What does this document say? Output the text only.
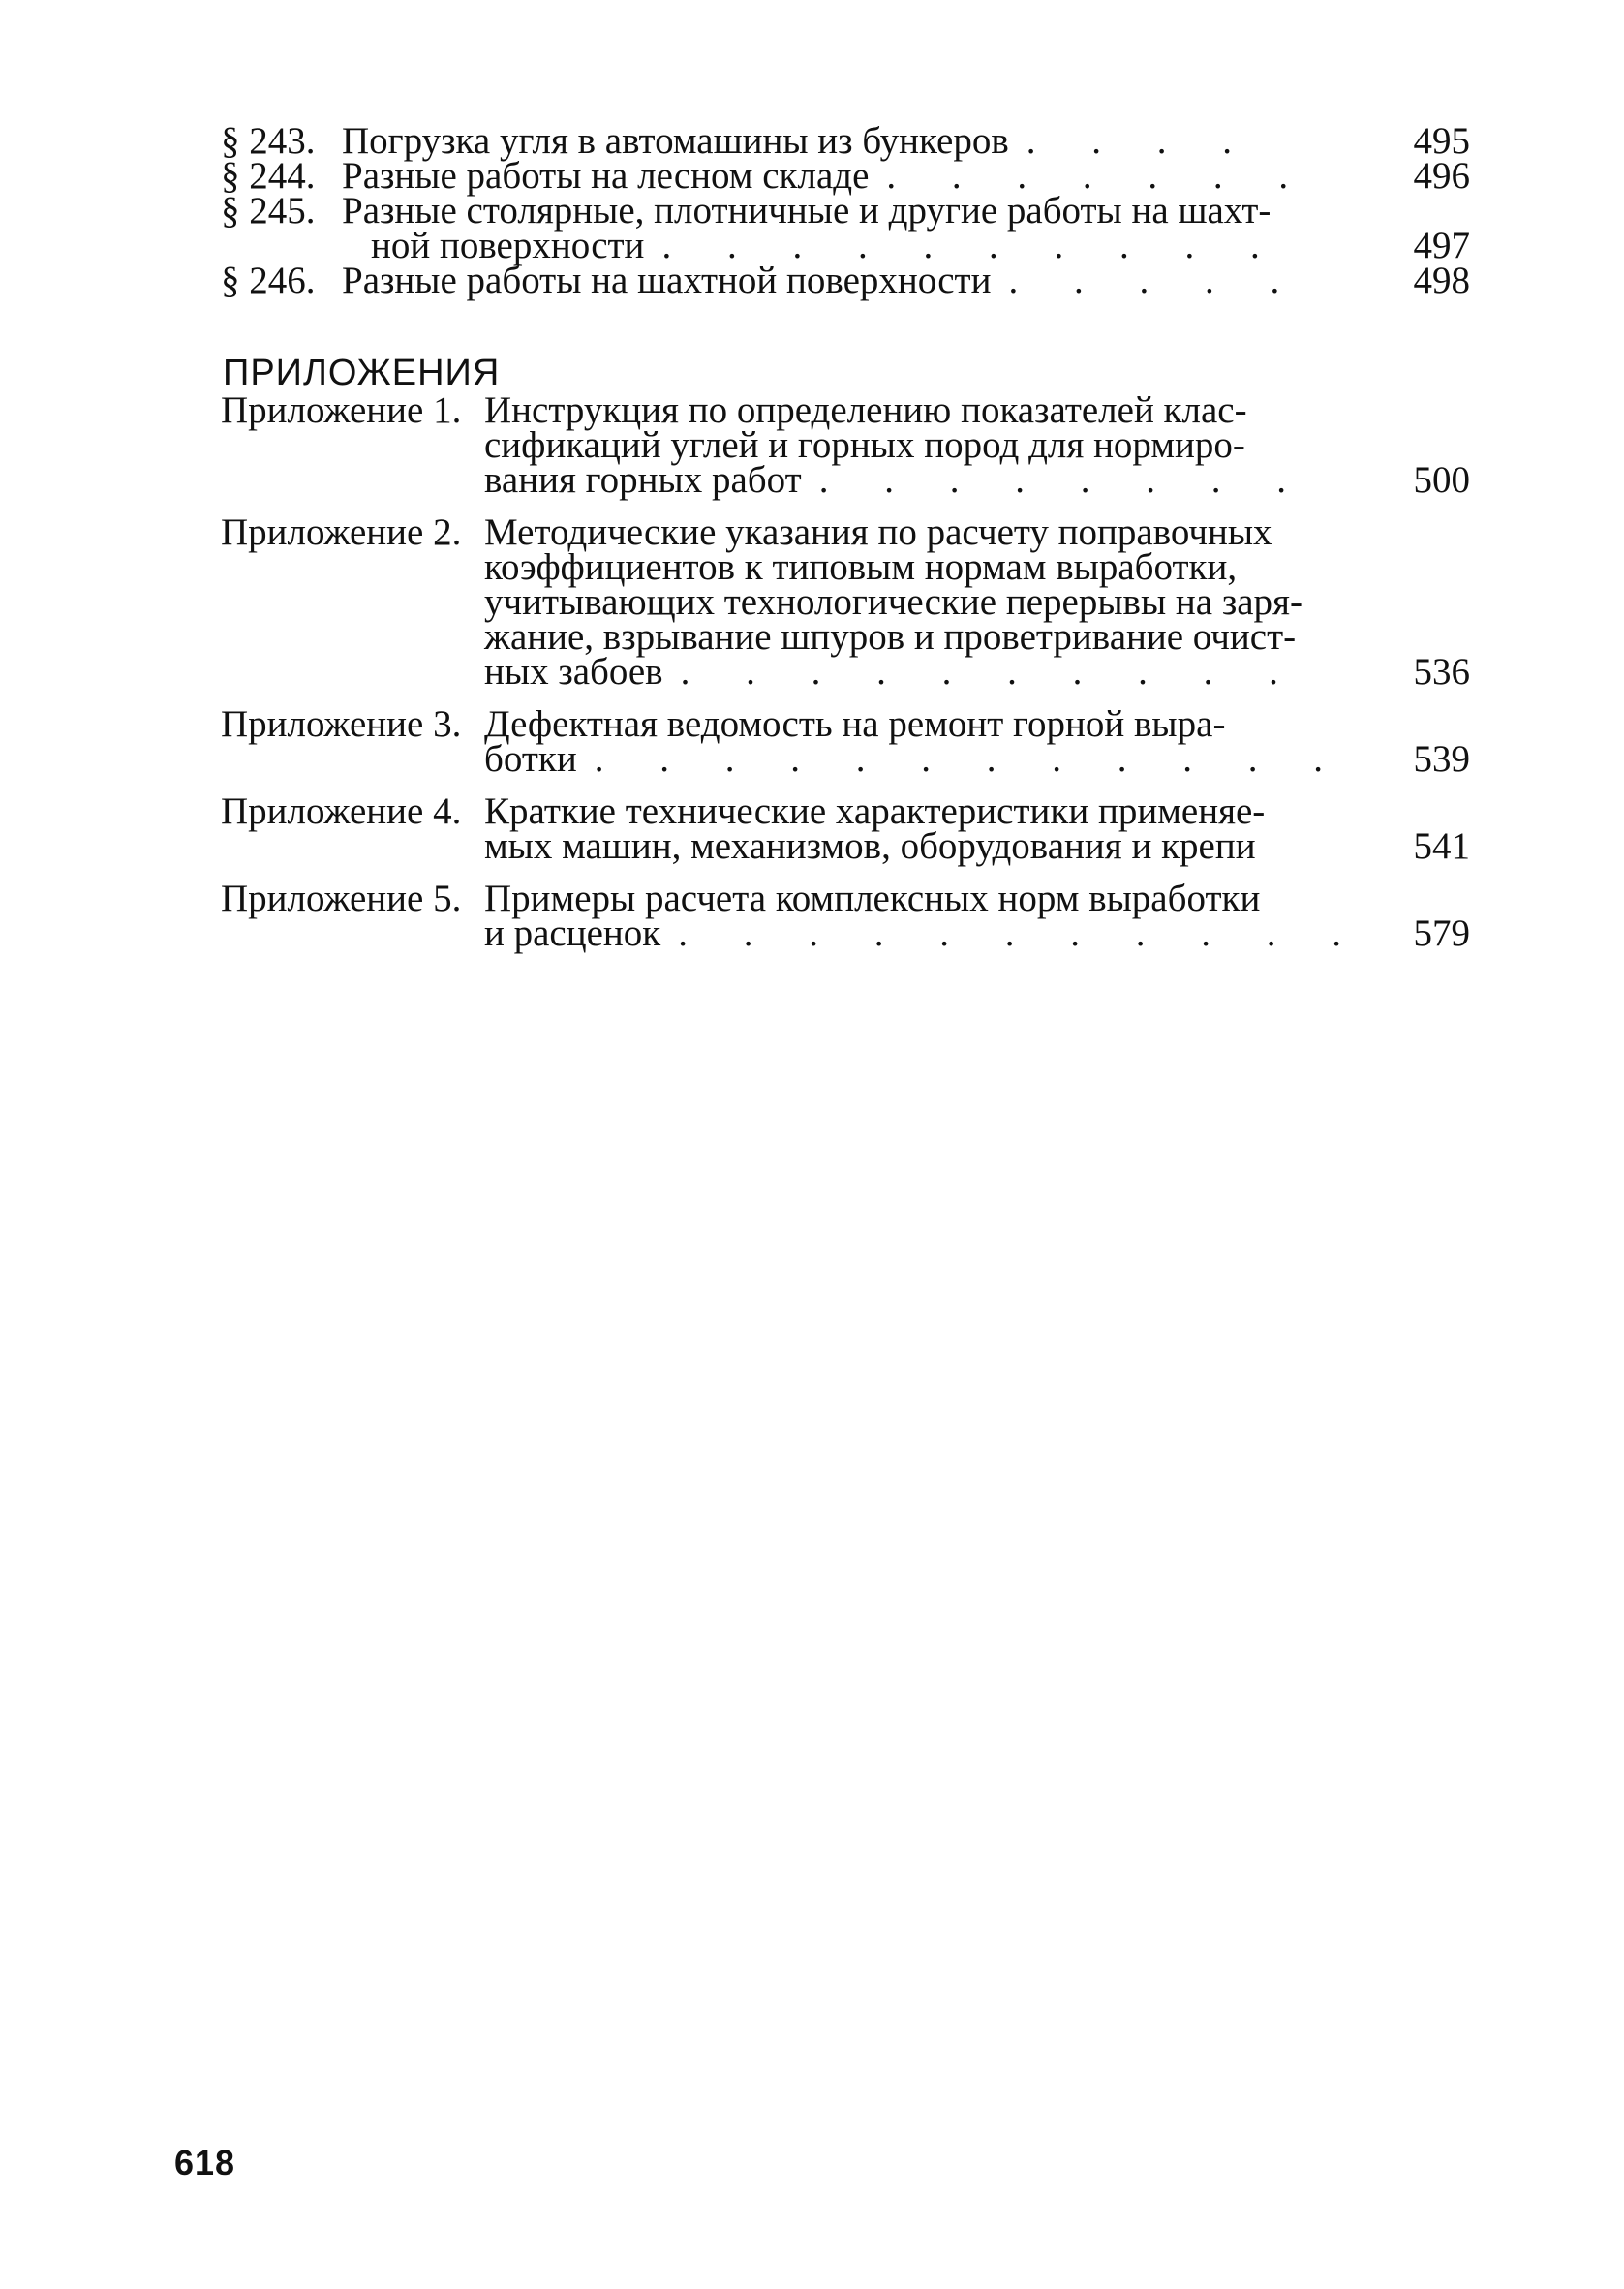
§ 243. Погрузка угля в автомашины из бункеров . . . .	495
§ 244. Разные работы на лесном складе . . . . . . .	496
§ 245. Разные столярные, плотничные и другие работы на шахт-
ной поверхности . . . . . . . . . .	497
§ 246. Разные работы на шахтной поверхности . . . . .	498
ПРИЛОЖЕНИЯ
Приложение 1. Инструкция по определению показателей клас-
сификаций углей и горных пород для нормиро-
вания горных работ . . . . . . . .	500
Приложение 2. Методические указания по расчету поправочных
коэффициентов к типовым нормам выработки,
учитывающих технологические перерывы на заря-
жание, взрывание шпуров и проветривание очист-
ных забоев . . . . . . . . . .	536
Приложение 3. Дефектная ведомость на ремонт горной выра-
ботки . . . . . . . . . . . .	539
Приложение 4. Краткие технические характеристики применяе-
мых машин, механизмов, оборудования и крепи	541
Приложение 5. Примеры расчета комплексных норм выработки
и расценок . . . . . . . . . . .	579
618
